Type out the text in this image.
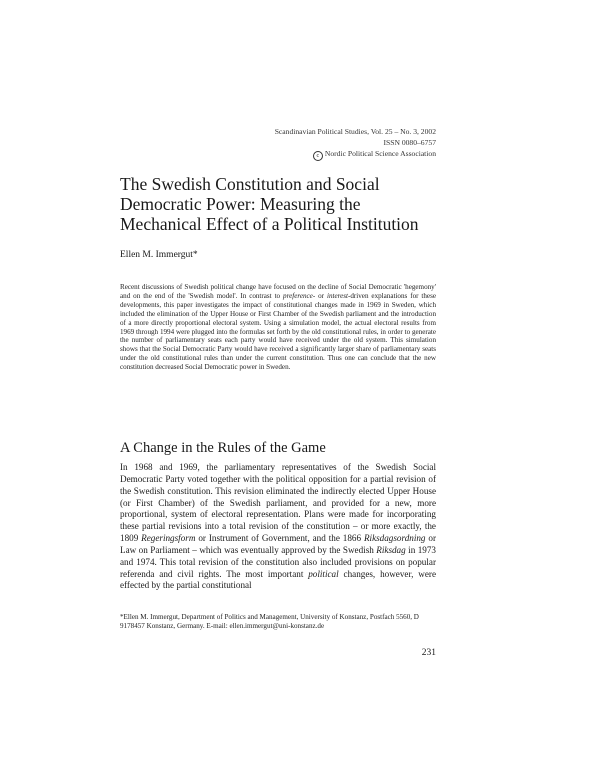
Scandinavian Political Studies, Vol. 25 – No. 3, 2002
ISSN 0080–6757
c Nordic Political Science Association
The Swedish Constitution and Social
Democratic Power: Measuring the
Mechanical Effect of a Political Institution
Ellen M. Immergut*

Recent discussions of Swedish political change have focused on the decline of Social Democratic 'hegemony' and on the end of the 'Swedish model'. In contrast to preference- or interest-driven explanations for these developments, this paper investigates the impact of constitutional changes made in 1969 in Sweden, which included the elimination of the Upper House or First Chamber of the Swedish parliament and the introduction of a more directly proportional electoral system. Using a simulation model, the actual electoral results from 1969 through 1994 were plugged into the formulas set forth by the old constitutional rules, in order to generate the number of parliamentary seats each party would have received under the old system. This simulation shows that the Social Democratic Party would have received a significantly larger share of parliamentary seats under the old constitutional rules than under the current constitution. Thus one can conclude that the new constitution decreased Social Democratic power in Sweden.

A Change in the Rules of the Game

In 1968 and 1969, the parliamentary representatives of the Swedish Social Democratic Party voted together with the political opposition for a partial revision of the Swedish constitution. This revision eliminated the indirectly elected Upper House (or First Chamber) of the Swedish parliament, and provided for a new, more proportional, system of electoral representation. Plans were made for incorporating these partial revisions into a total revision of the constitution – or more exactly, the 1809 Regeringsform or Instrument of Government, and the 1866 Riksdagsordning or Law on Parliament – which was eventually approved by the Swedish Riksdag in 1973 and 1974. This total revision of the constitution also included provisions on popular referenda and civil rights. The most important political changes, however, were effected by the partial constitutional

*Ellen M. Immergut, Department of Politics and Management, University of Konstanz, Postfach 5560, D 9178457 Konstanz, Germany. E-mail: ellen.immergut@uni-konstanz.de

231
